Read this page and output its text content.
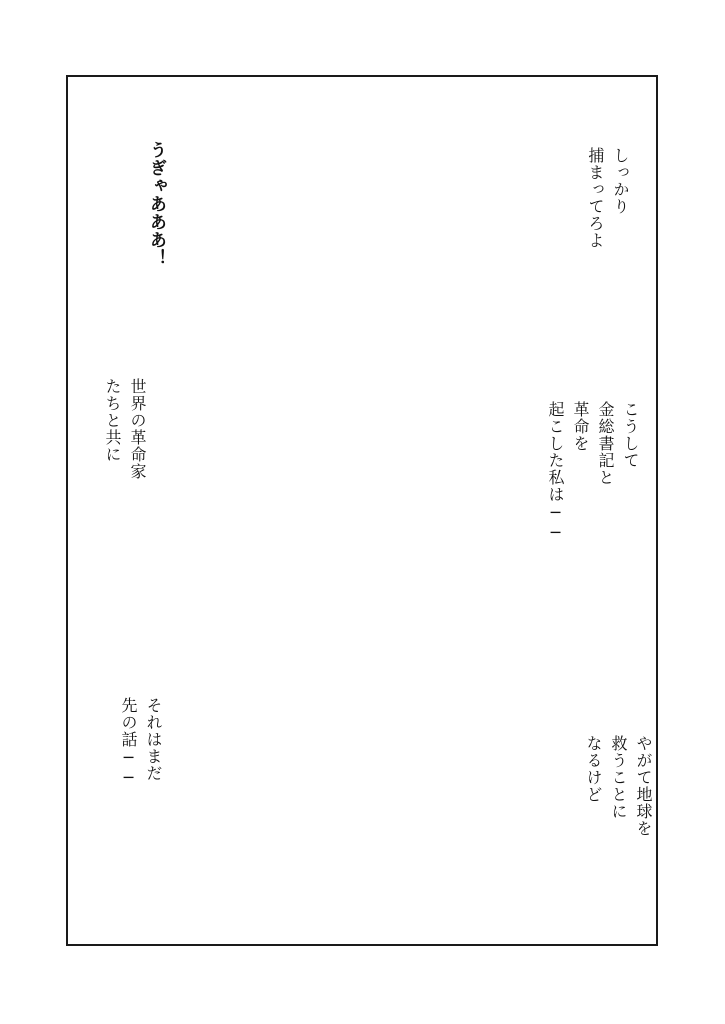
しっかり
捕まってろよ
うぎゃあああ！
こうして
金総書記と
革命を
起こした私は──
世界の革命家
たちと共に
それはまだ
先の話──	やがて地球を
救うことに
なるけど
